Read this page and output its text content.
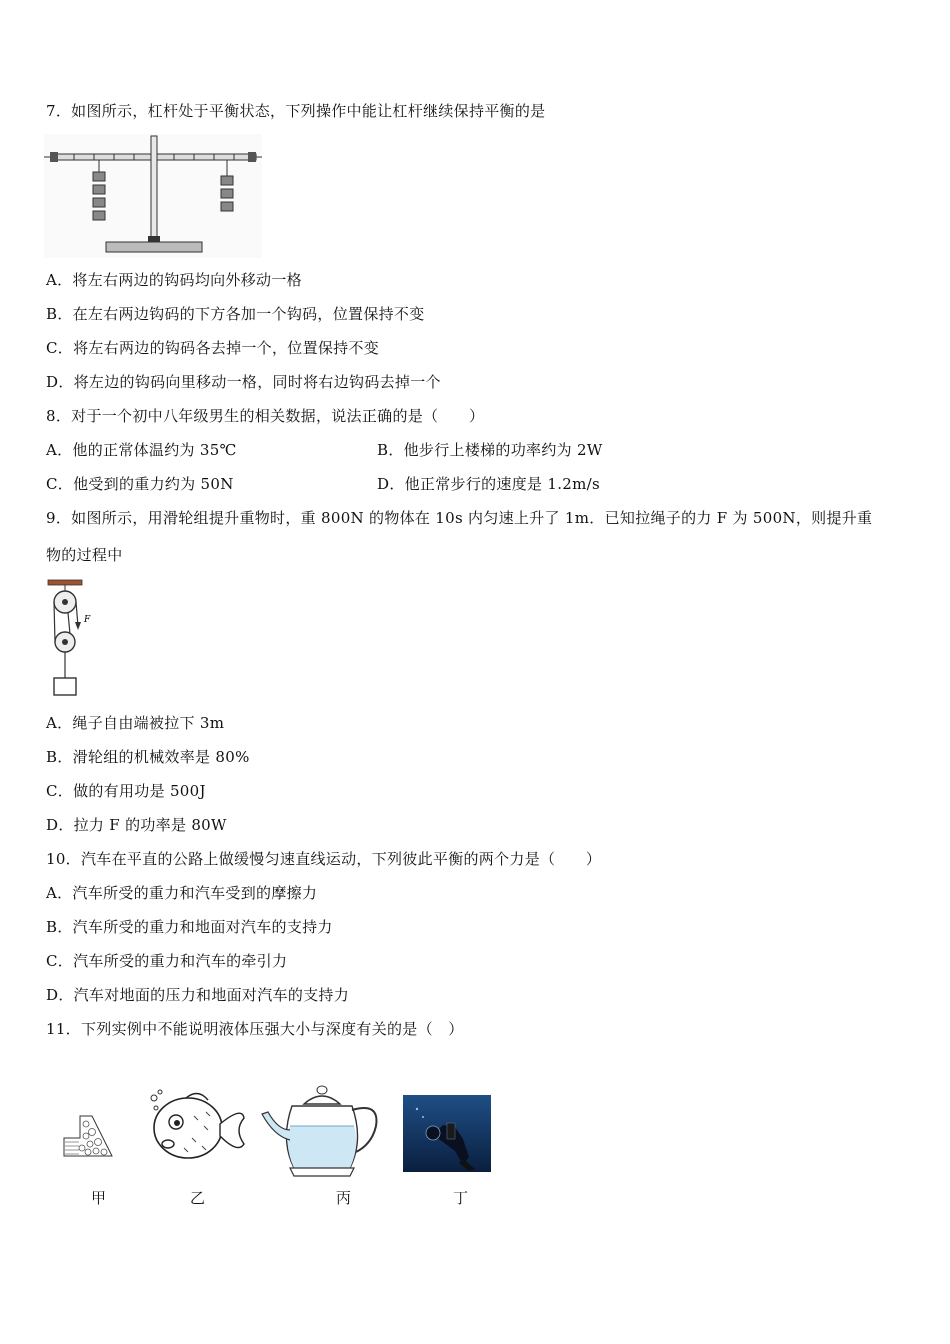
7．如图所示，杠杆处于平衡状态，下列操作中能让杠杆继续保持平衡的是
A．将左右两边的钩码均向外移动一格
B．在左右两边钩码的下方各加一个钩码，位置保持不变
C．将左右两边的钩码各去掉一个，位置保持不变
D．将左边的钩码向里移动一格，同时将右边钩码去掉一个
8．对于一个初中八年级男生的相关数据，说法正确的是（　　）
A．他的正常体温约为 35℃	B．他步行上楼梯的功率约为 2W
C．他受到的重力约为 50N	D．他正常步行的速度是 1.2m/s
9．如图所示，用滑轮组提升重物时，重 800N 的物体在 10s 内匀速上升了 1m．已知拉绳子的力 F 为 500N，则提升重
物的过程中
F
A．绳子自由端被拉下 3m
B．滑轮组的机械效率是 80%
C．做的有用功是 500J
D．拉力 F 的功率是 80W
10．汽车在平直的公路上做缓慢匀速直线运动，下列彼此平衡的两个力是（　　）
A．汽车所受的重力和汽车受到的摩擦力
B．汽车所受的重力和地面对汽车的支持力
C．汽车所受的重力和汽车的牵引力
D．汽车对地面的压力和地面对汽车的支持力
11．下列实例中不能说明液体压强大小与深度有关的是（　）
甲	乙	丙	丁
